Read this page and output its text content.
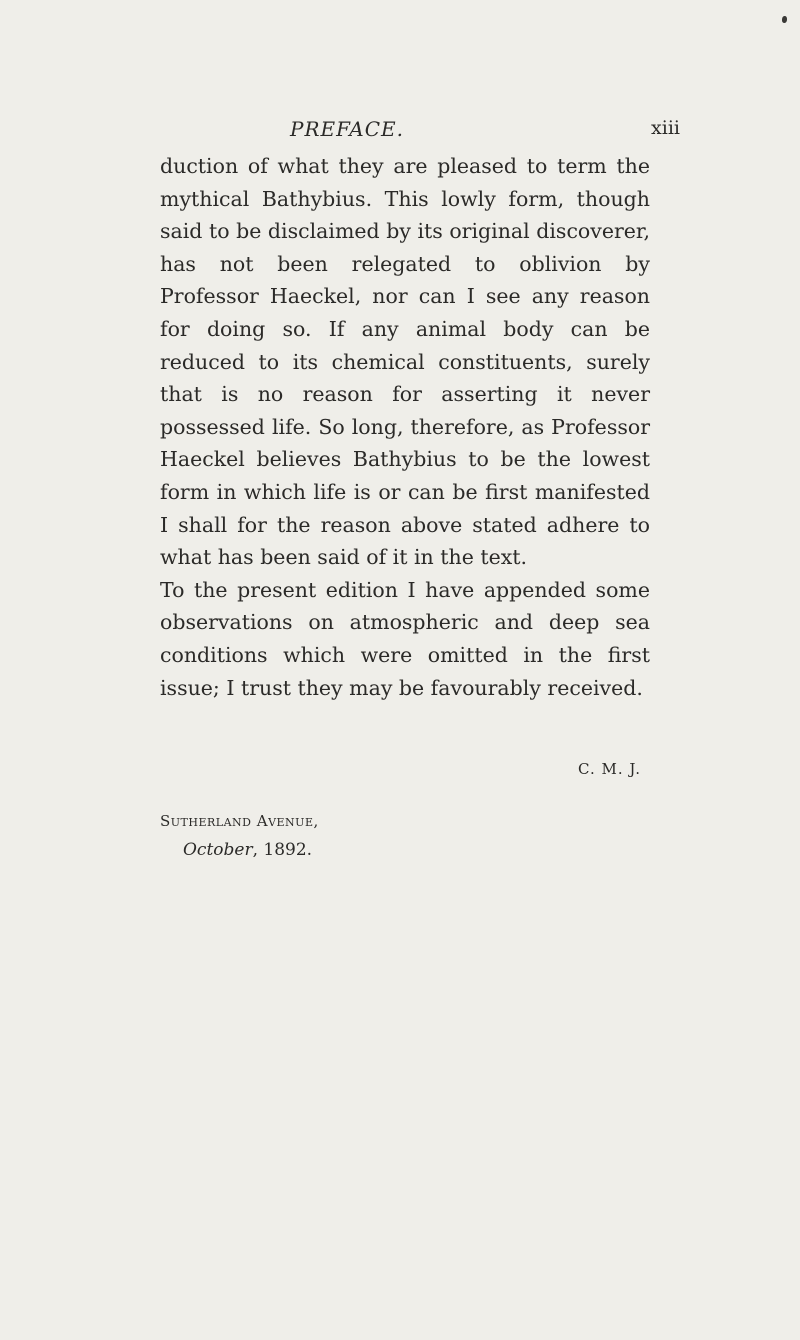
PREFACE.	xiii

duction of what they are pleased to term the mythical Bathybius. This lowly form, though said to be disclaimed by its original discoverer, has not been relegated to oblivion by Professor Haeckel, nor can I see any reason for doing so. If any animal body can be reduced to its chemical constituents, surely that is no reason for asserting it never possessed life. So long, therefore, as Professor Haeckel believes Bathybius to be the lowest form in which life is or can be first manifested I shall for the reason above stated adhere to what has been said of it in the text.

To the present edition I have appended some observations on atmospheric and deep sea conditions which were omitted in the first issue; I trust they may be favourably received.

C. M. J.
Sutherland Avenue,
October, 1892.
